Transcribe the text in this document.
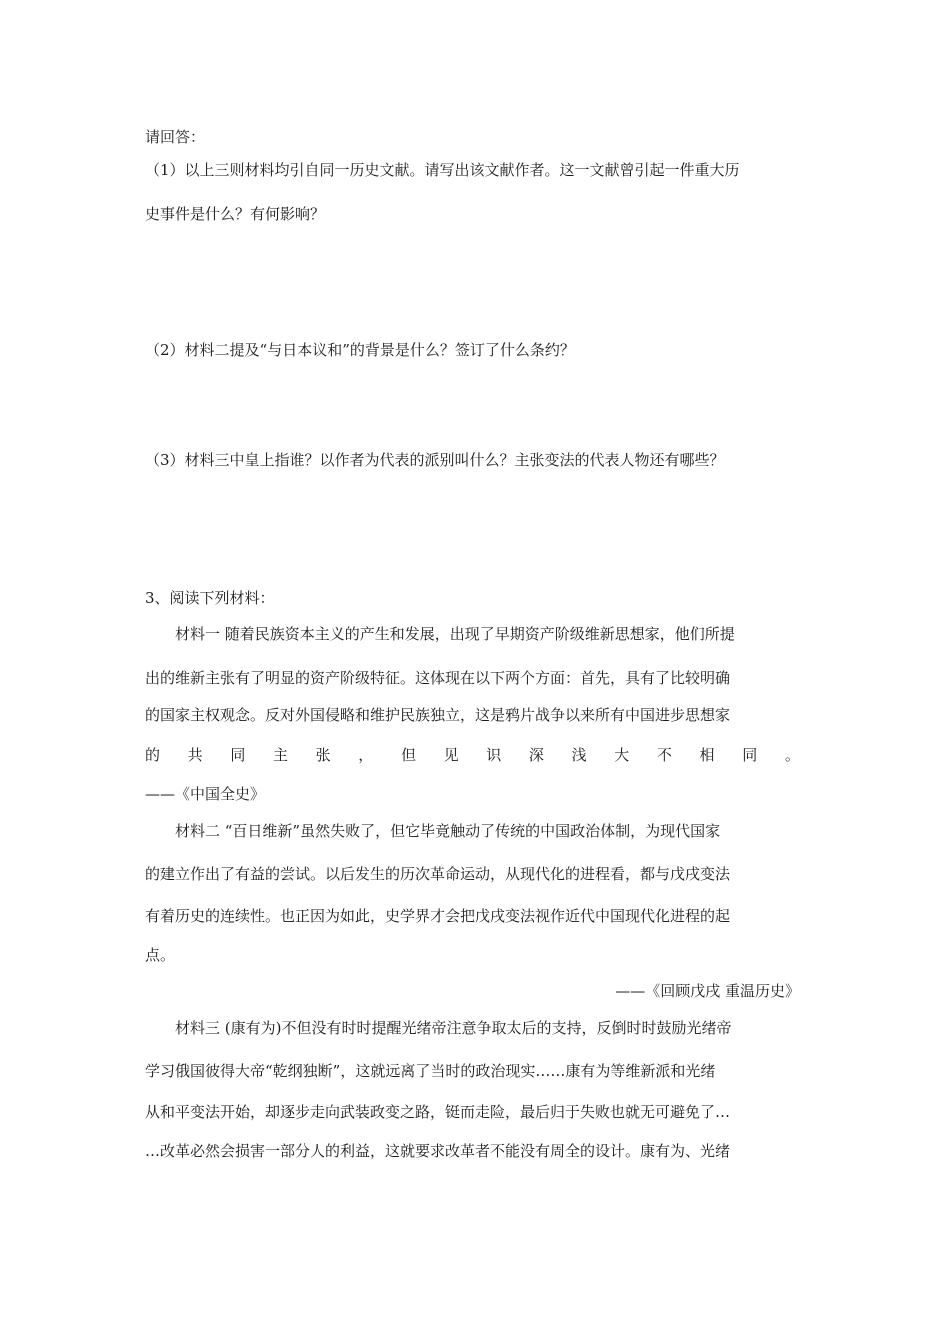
请回答：
（1）以上三则材料均引自同一历史文献。请写出该文献作者。这一文献曾引起一件重大历
史事件是什么？有何影响？
（2）材料二提及“与日本议和”的背景是什么？签订了什么条约？
（3）材料三中皇上指谁？以作者为代表的派别叫什么？主张变法的代表人物还有哪些？
3、阅读下列材料：
材料一 随着民族资本主义的产生和发展，出现了早期资产阶级维新思想家，他们所提
出的维新主张有了明显的资产阶级特征。这体现在以下两个方面：首先，具有了比较明确
的国家主权观念。反对外国侵略和维护民族独立，这是鸦片战争以来所有中国进步思想家
的 共 同 主 张 ， 但 见 识 深 浅 大 不 相 同 。
——《中国全史》
材料二 “百日维新”虽然失败了，但它毕竟触动了传统的中国政治体制，为现代国家
的建立作出了有益的尝试。以后发生的历次革命运动，从现代化的进程看，都与戊戌变法
有着历史的连续性。也正因为如此，史学界才会把戊戌变法视作近代中国现代化进程的起
点。
——《回顾戊戌 重温历史》
材料三 (康有为)不但没有时时提醒光绪帝注意争取太后的支持，反倒时时鼓励光绪帝
学习俄国彼得大帝“乾纲独断”，这就远离了当时的政治现实……康有为等维新派和光绪
从和平变法开始，却逐步走向武装政变之路，铤而走险，最后归于失败也就无可避免了…
…改革必然会损害一部分人的利益，这就要求改革者不能没有周全的设计。康有为、光绪
